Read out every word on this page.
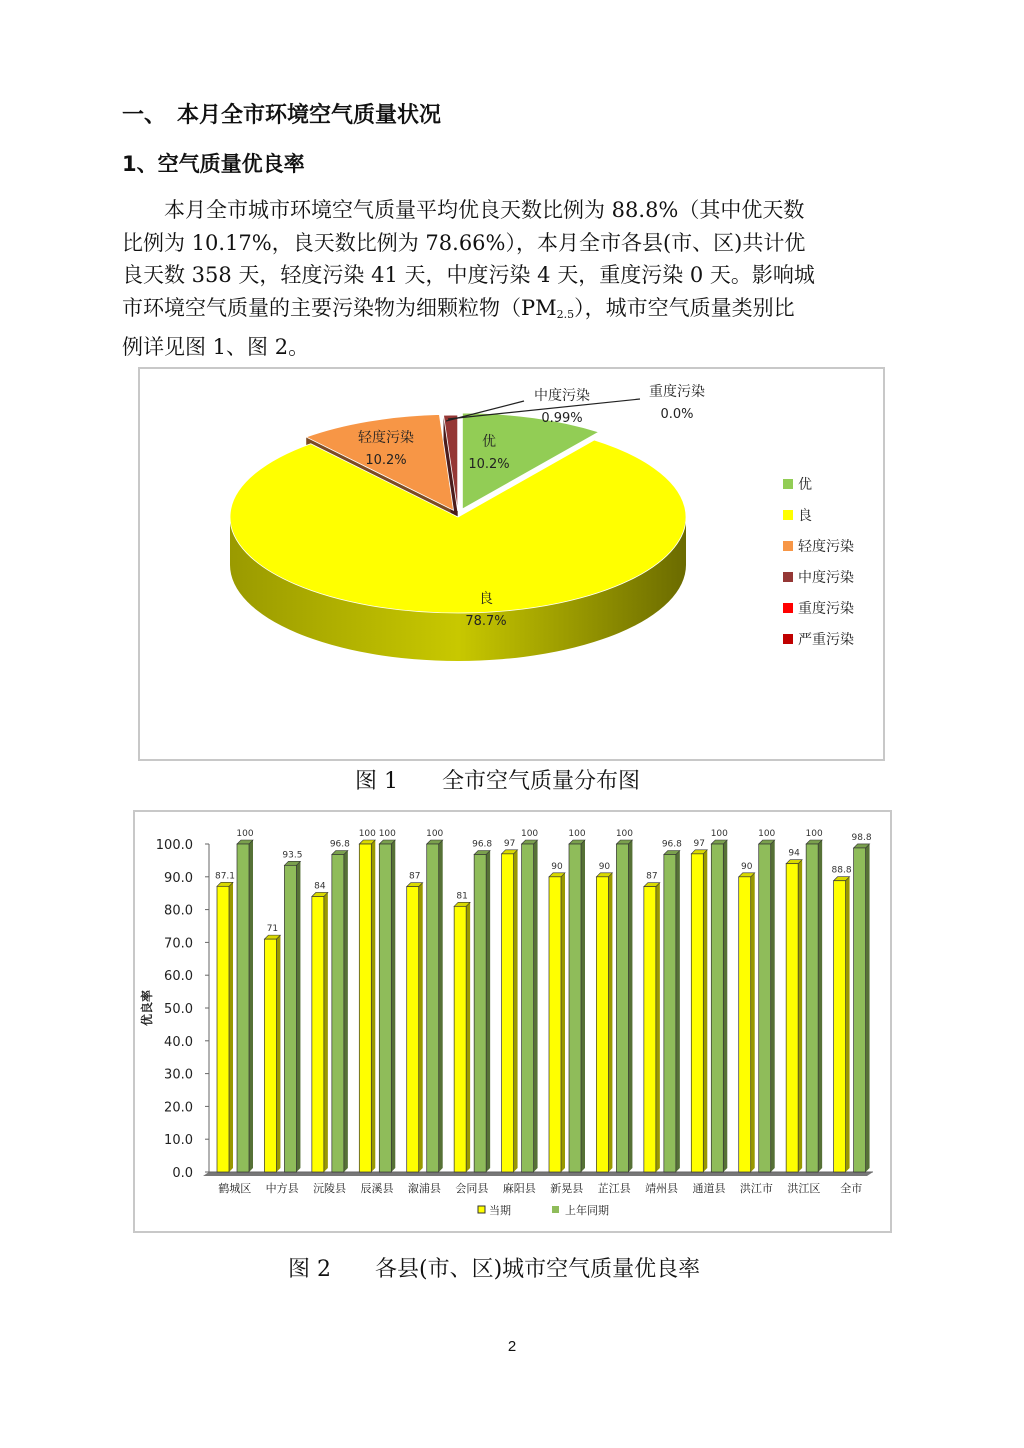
一、　本月全市环境空气质量状况
1、空气质量优良率

本月全市城市环境空气质量平均优良天数比例为 88.8%（其中优天数
比例为 10.17%，良天数比例为 78.66%），本月全市各县(市、区)共计优
良天数 358 天，轻度污染 41 天，中度污染 4 天，重度污染 0 天。影响城
市环境空气质量的主要污染物为细颗粒物$(PM_{2.5})$，城市空气质量类别比
例详见图 1、图 2。

优
10.2%
良
78.7%
轻度污染
10.2%
中度污染
0.99%
重度污染
0.0%
优
良
轻度污染
中度污染
重度污染
严重污染
图 1　　全市空气质量分布图
0.0
10.0
20.0
30.0
40.0
50.0
60.0
70.0
80.0
90.0
100.0
优良率
87.1
100
鹤城区
71
93.5
中方县
84
96.8
沅陵县
100 100
辰溪县
87
100
溆浦县
81
96.8
会同县
97
100
麻阳县
90
100
新晃县
90
100
芷江县
87
96.8
靖州县
97
100
通道县
90
100
洪江市
94
100
洪江区
88.8
98.8
全市
当期	上年同期
图 2　　各县(市、区)城市空气质量优良率
2
